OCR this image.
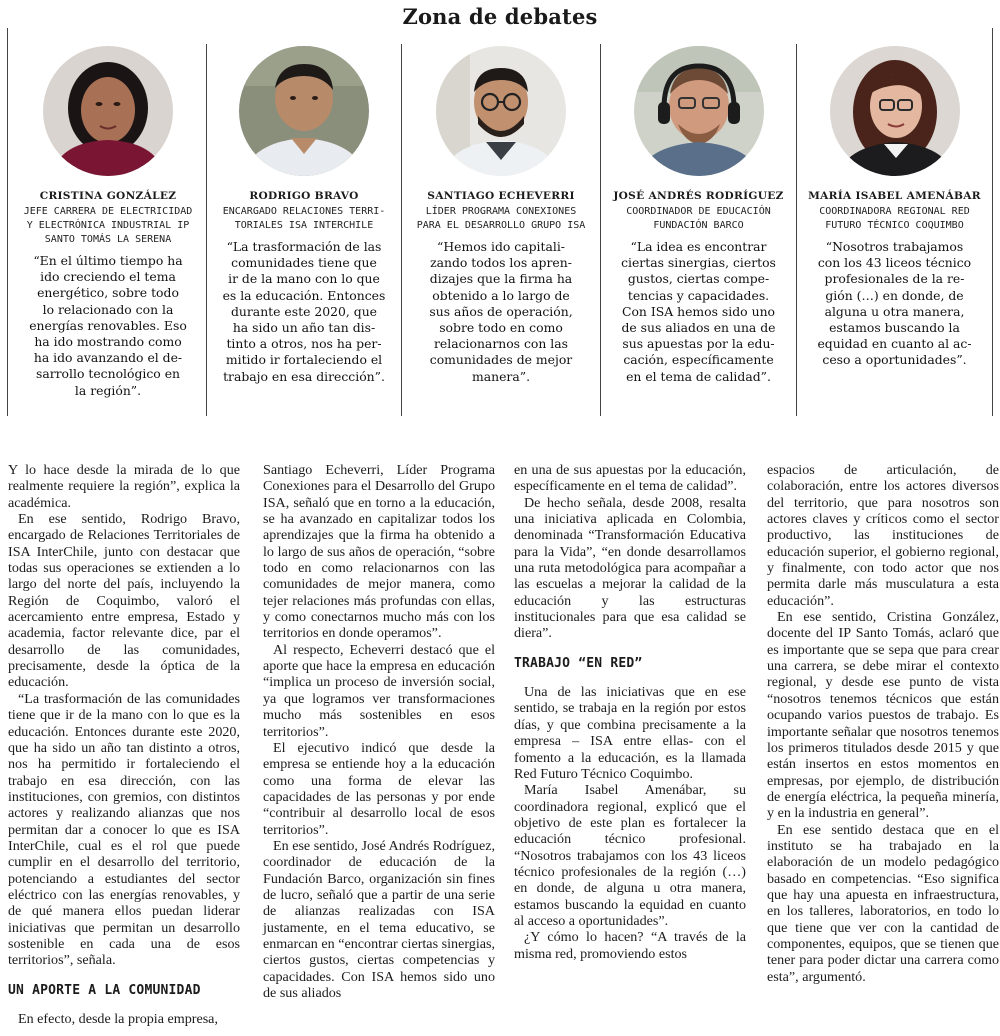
Zona de debates
CRISTINA GONZÁLEZ
JEFE CARRERA DE ELECTRICIDAD
Y ELECTRÓNICA INDUSTRIAL IP
SANTO TOMÁS LA SERENA
“En el último tiempo ha
ido creciendo el tema
energético, sobre todo
lo relacionado con la
energías renovables. Eso
ha ido mostrando como
ha ido avanzando el de-
sarrollo tecnológico en
la región”.
RODRIGO BRAVO
ENCARGADO RELACIONES TERRI-
TORIALES ISA INTERCHILE
“La trasformación de las
comunidades tiene que
ir de la mano con lo que
es la educación. Entonces
durante este 2020, que
ha sido un año tan dis-
tinto a otros, nos ha per-
mitido ir fortaleciendo el
trabajo en esa dirección”.
SANTIAGO ECHEVERRI
LÍDER PROGRAMA CONEXIONES
PARA EL DESARROLLO GRUPO ISA
“Hemos ido capitali-
zando todos los apren-
dizajes que la firma ha
obtenido a lo largo de
sus años de operación,
sobre todo en como
relacionarnos con las
comunidades de mejor
manera”.
JOSÉ ANDRÉS RODRÍGUEZ
COORDINADOR DE EDUCACIÓN
FUNDACIÓN BARCO
“La idea es encontrar
ciertas sinergias, ciertos
gustos, ciertas compe-
tencias y capacidades.
Con ISA hemos sido uno
de sus aliados en una de
sus apuestas por la edu-
cación, específicamente
en el tema de calidad”.
MARÍA ISABEL AMENÁBAR
COORDINADORA REGIONAL RED
FUTURO TÉCNICO COQUIMBO
“Nosotros trabajamos
con los 43 liceos técnico
profesionales de la re-
gión (…) en donde, de
alguna u otra manera,
estamos buscando la
equidad en cuanto al ac-
ceso a oportunidades”.

Y lo hace desde la mirada de lo que realmente requiere la región”, explica la académica.

En ese sentido, Rodrigo Bravo, encargado de Relaciones Territoriales de ISA InterChile, junto con destacar que todas sus operaciones se extienden a lo largo del norte del país, incluyendo la Región de Coquimbo, valoró el acercamiento entre empresa, Estado y academia, factor relevante dice, par el desarrollo de las comunidades, precisamente, desde la óptica de la educación.

“La trasformación de las comunidades tiene que ir de la mano con lo que es la educación. Entonces durante este 2020, que ha sido un año tan distinto a otros, nos ha permitido ir fortaleciendo el trabajo en esa dirección, con las instituciones, con gremios, con distintos actores y realizando alianzas que nos permitan dar a conocer lo que es ISA InterChile, cual es el rol que puede cumplir en el desarrollo del territorio, potenciando a estudiantes del sector eléctrico con las energías renovables, y de qué manera ellos puedan liderar iniciativas que permitan un desarrollo sostenible en cada una de esos territorios”, señala.

UN APORTE A LA COMUNIDAD

En efecto, desde la propia empresa,

Santiago Echeverri, Líder Programa Conexiones para el Desarrollo del Grupo ISA, señaló que en torno a la educación, se ha avanzado en capitalizar todos los aprendizajes que la firma ha obtenido a lo largo de sus años de operación, “sobre todo en como relacionarnos con las comunidades de mejor manera, como tejer relaciones más profundas con ellas, y como conectarnos mucho más con los territorios en donde operamos”.

Al respecto, Echeverri destacó que el aporte que hace la empresa en educación “implica un proceso de inversión social, ya que logramos ver transformaciones mucho más sostenibles en esos territorios”.

El ejecutivo indicó que desde la empresa se entiende hoy a la educación como una forma de elevar las capacidades de las personas y por ende “contribuir al desarrollo local de esos territorios”.

En ese sentido, José Andrés Rodríguez, coordinador de educación de la Fundación Barco, organización sin fines de lucro, señaló que a partir de una serie de alianzas realizadas con ISA justamente, en el tema educativo, se enmarcan en “encontrar ciertas sinergias, ciertos gustos, ciertas competencias y capacidades. Con ISA hemos sido uno de sus aliados

en una de sus apuestas por la educación, específicamente en el tema de calidad”.

De hecho señala, desde 2008, resalta una iniciativa aplicada en Colombia, denominada “Transformación Educativa para la Vida”, “en donde desarrollamos una ruta metodológica para acompañar a las escuelas a mejorar la calidad de la educación y las estructuras institucionales para que esa calidad se diera”.

TRABAJO “EN RED”

Una de las iniciativas que en ese sentido, se trabaja en la región por estos días, y que combina precisamente a la empresa – ISA entre ellas- con el fomento a la educación, es la llamada Red Futuro Técnico Coquimbo.

María Isabel Amenábar, su coordinadora regional, explicó que el objetivo de este plan es fortalecer la educación técnico profesional. “Nosotros trabajamos con los 43 liceos técnico profesionales de la región (…) en donde, de alguna u otra manera, estamos buscando la equidad en cuanto al acceso a oportunidades”.

¿Y cómo lo hacen? “A través de la misma red, promoviendo estos

espacios de articulación, de colaboración, entre los actores diversos del territorio, que para nosotros son actores claves y críticos como el sector productivo, las instituciones de educación superior, el gobierno regional, y finalmente, con todo actor que nos permita darle más musculatura a esta educación”.

En ese sentido, Cristina González, docente del IP Santo Tomás, aclaró que es importante que se sepa que para crear una carrera, se debe mirar el contexto regional, y desde ese punto de vista “nosotros tenemos técnicos que están ocupando varios puestos de trabajo. Es importante señalar que nosotros tenemos los primeros titulados desde 2015 y que están insertos en estos momentos en empresas, por ejemplo, de distribución de energía eléctrica, la pequeña minería, y en la industria en general”.

En ese sentido destaca que en el instituto se ha trabajado en la elaboración de un modelo pedagógico basado en competencias. “Eso significa que hay una apuesta en infraestructura, en los talleres, laboratorios, en todo lo que tiene que ver con la cantidad de componentes, equipos, que se tienen que tener para poder dictar una carrera como esta”, argumentó.
